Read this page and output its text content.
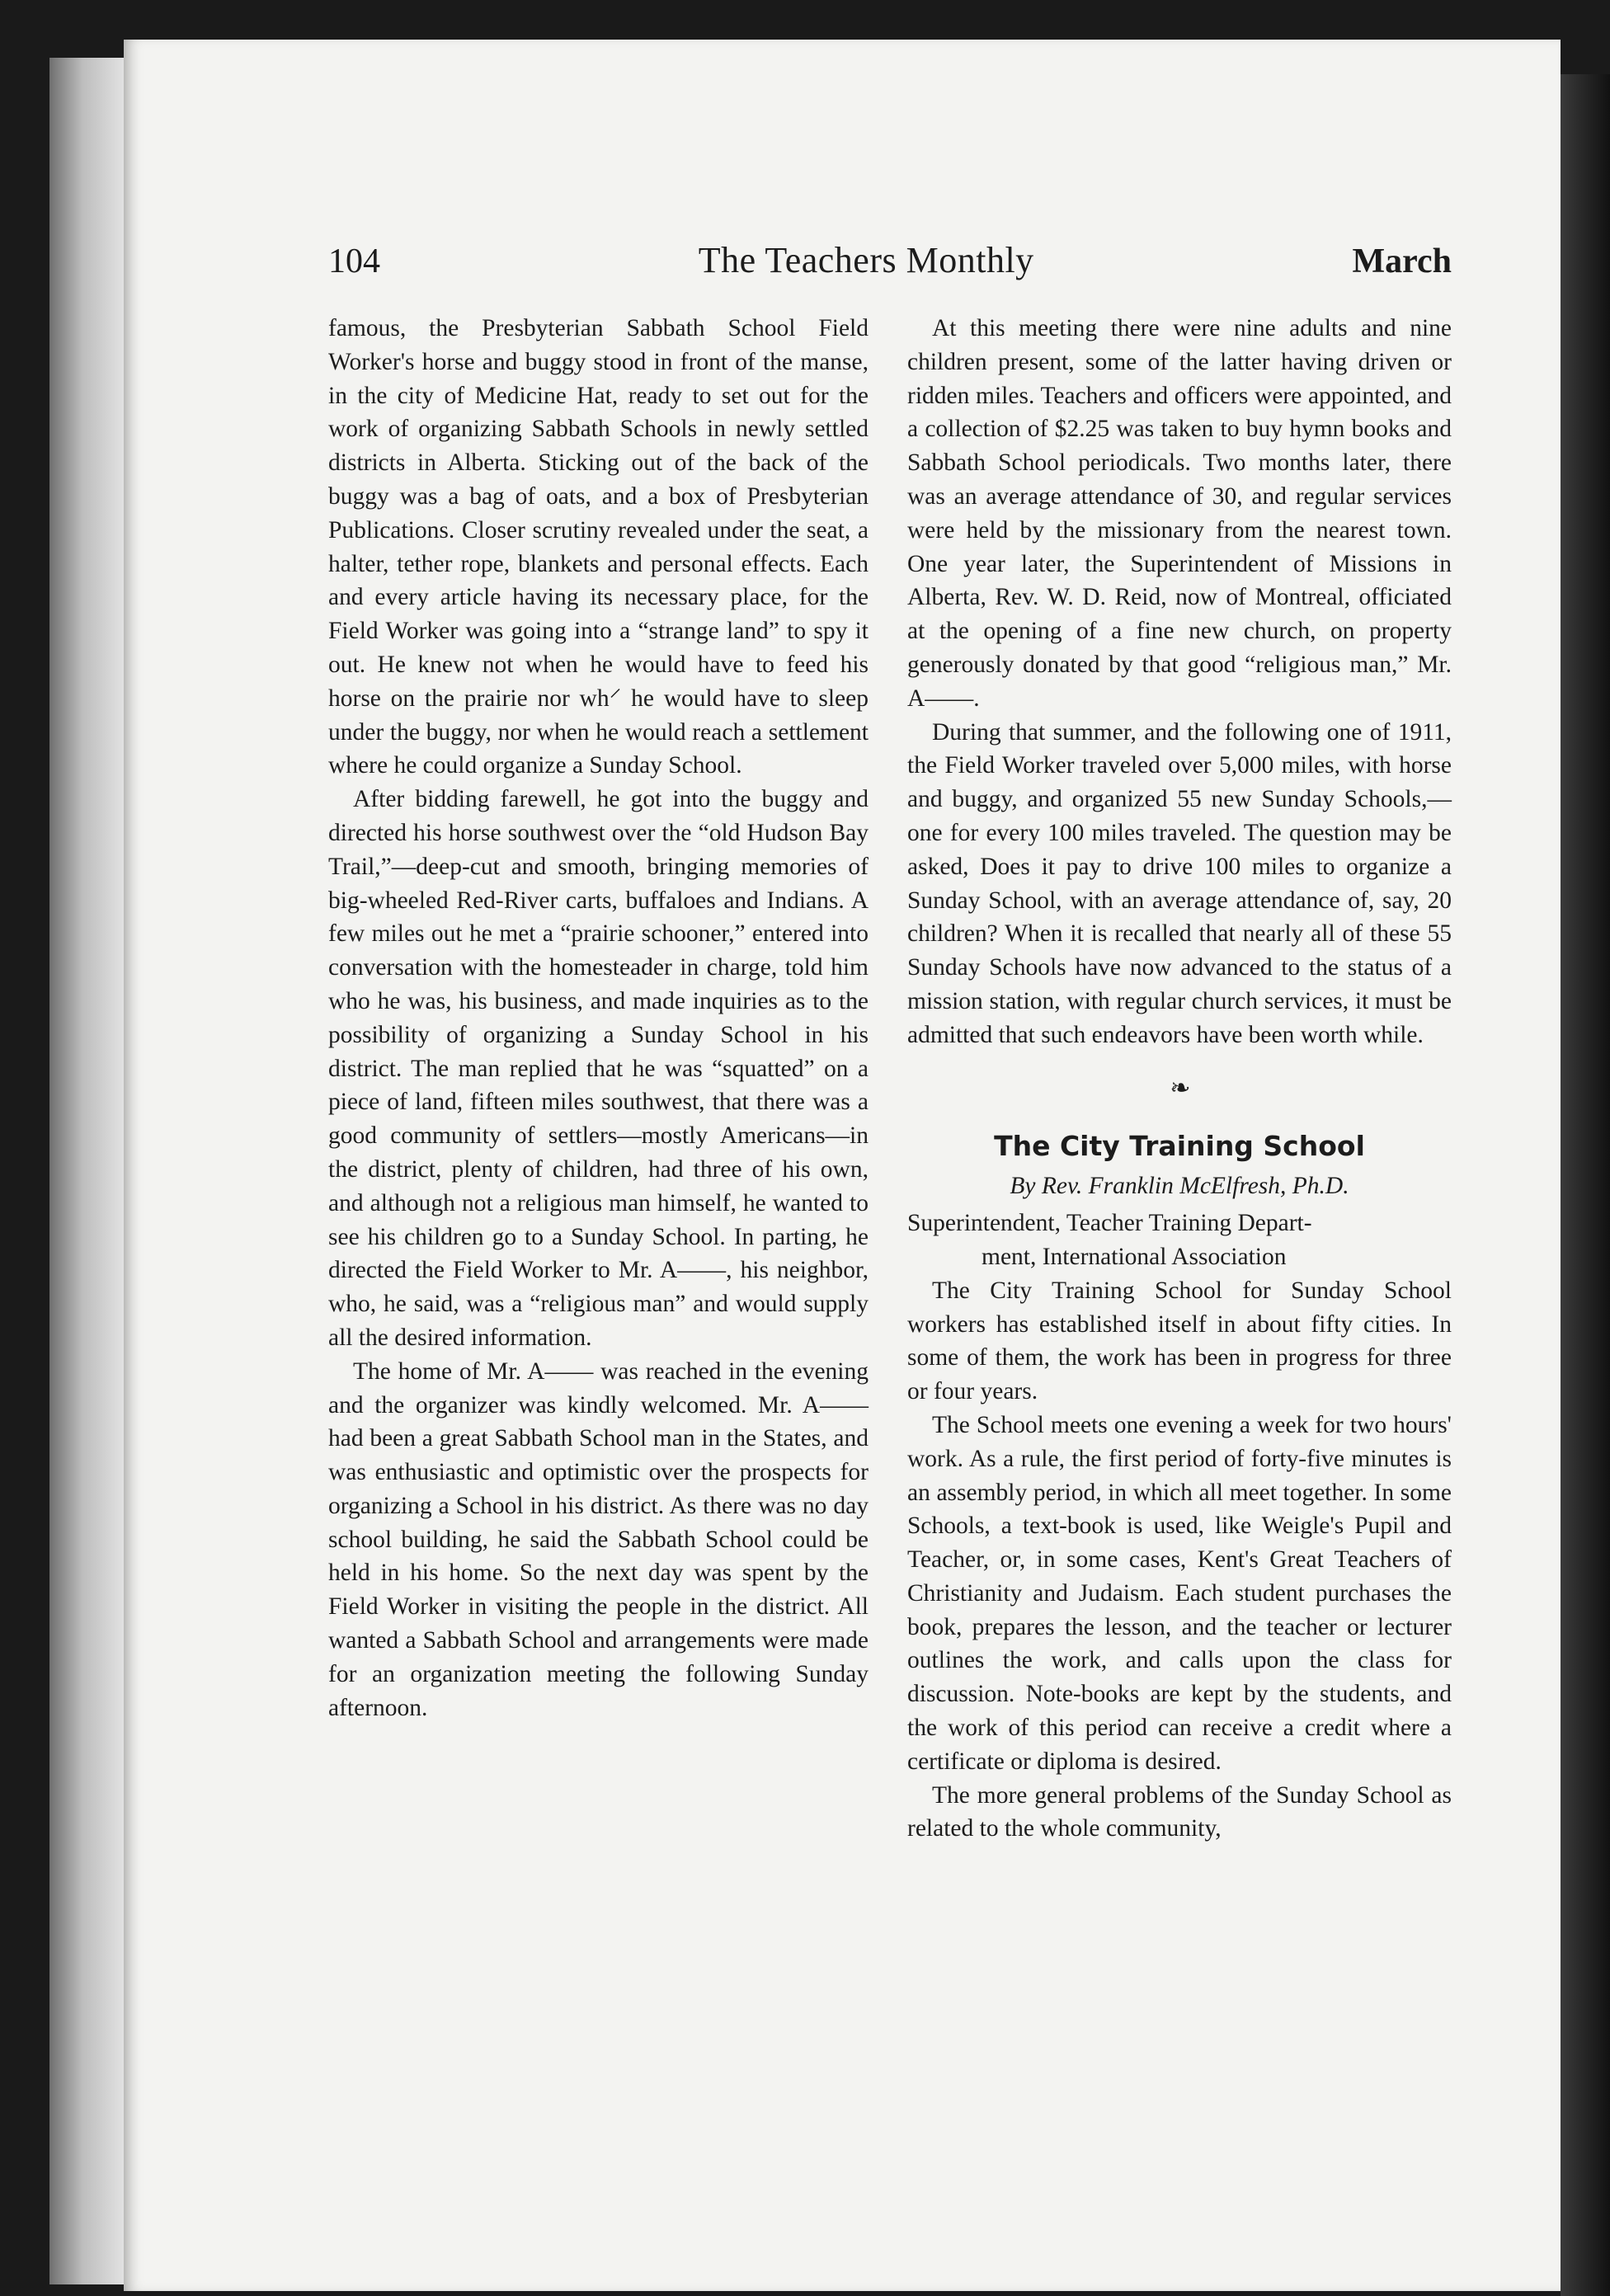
104	The Teachers Monthly	March

famous, the Presbyterian Sabbath School Field Worker's horse and buggy stood in front of the manse, in the city of Medicine Hat, ready to set out for the work of organizing Sabbath Schools in newly settled districts in Alberta. Sticking out of the back of the buggy was a bag of oats, and a box of Presbyterian Publications. Closer scrutiny revealed under the seat, a halter, tether rope, blankets and personal effects. Each and every article having its necessary place, for the Field Worker was going into a “strange land” to spy it out. He knew not when he would have to feed his horse on the prairie nor wh⸍ he would have to sleep under the buggy, nor when he would reach a settlement where he could organize a Sunday School.

After bidding farewell, he got into the buggy and directed his horse southwest over the “old Hudson Bay Trail,”—deep-cut and smooth, bringing memories of big-wheeled Red-River carts, buffaloes and Indians. A few miles out he met a “prairie schooner,” entered into conversation with the homesteader in charge, told him who he was, his business, and made inquiries as to the possibility of organizing a Sunday School in his district. The man replied that he was “squatted” on a piece of land, fifteen miles southwest, that there was a good community of settlers—mostly Americans—in the district, plenty of children, had three of his own, and although not a religious man himself, he wanted to see his children go to a Sunday School. In parting, he directed the Field Worker to Mr. A——, his neighbor, who, he said, was a “religious man” and would supply all the desired information.

The home of Mr. A—— was reached in the evening and the organizer was kindly welcomed. Mr. A—— had been a great Sabbath School man in the States, and was enthusiastic and optimistic over the prospects for organizing a School in his district. As there was no day school building, he said the Sabbath School could be held in his home. So the next day was spent by the Field Worker in visiting the people in the district. All wanted a Sabbath School and arrangements were made for an organization meeting the following Sunday afternoon.

At this meeting there were nine adults and nine children present, some of the latter having driven or ridden miles. Teachers and officers were appointed, and a collection of $2.25 was taken to buy hymn books and Sabbath School periodicals. Two months later, there was an average attendance of 30, and regular services were held by the missionary from the nearest town. One year later, the Superintendent of Missions in Alberta, Rev. W. D. Reid, now of Montreal, officiated at the opening of a fine new church, on property generously donated by that good “religious man,” Mr. A——.

During that summer, and the following one of 1911, the Field Worker traveled over 5,000 miles, with horse and buggy, and organized 55 new Sunday Schools,—one for every 100 miles traveled. The question may be asked, Does it pay to drive 100 miles to organize a Sunday School, with an average attendance of, say, 20 children? When it is recalled that nearly all of these 55 Sunday Schools have now advanced to the status of a mission station, with regular church services, it must be admitted that such endeavors have been worth while.

❧
The City Training School
By Rev. Franklin McElfresh, Ph.D.

Superintendent, Teacher Training Depart-
ment, International Association

The City Training School for Sunday School workers has established itself in about fifty cities. In some of them, the work has been in progress for three or four years.

The School meets one evening a week for two hours' work. As a rule, the first period of forty-five minutes is an assembly period, in which all meet together. In some Schools, a text-book is used, like Weigle's Pupil and Teacher, or, in some cases, Kent's Great Teachers of Christianity and Judaism. Each student purchases the book, prepares the lesson, and the teacher or lecturer outlines the work, and calls upon the class for discussion. Note-books are kept by the students, and the work of this period can receive a credit where a certificate or diploma is desired.

The more general problems of the Sunday School as related to the whole community,
